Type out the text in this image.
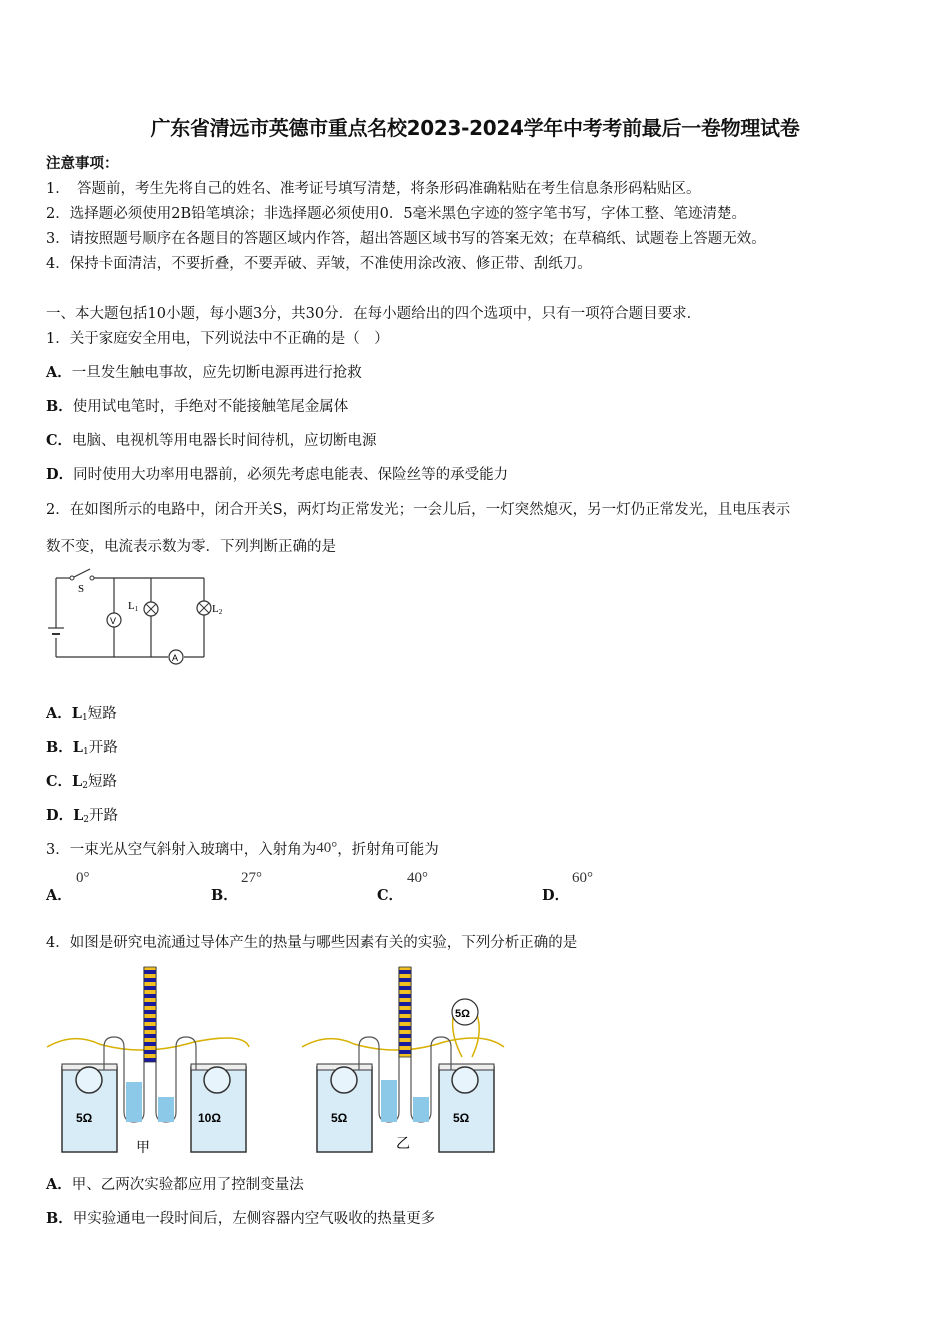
广东省清远市英德市重点名校2023-2024学年中考考前最后一卷物理试卷
注意事项：
1．　答题前，考生先将自己的姓名、准考证号填写清楚，将条形码准确粘贴在考生信息条形码粘贴区。
2．选择题必须使用2B铅笔填涂；非选择题必须使用0．5毫米黑色字迹的签字笔书写，字体工整、笔迹清楚。
3．请按照题号顺序在各题目的答题区域内作答，超出答题区域书写的答案无效；在草稿纸、试题卷上答题无效。
4．保持卡面清洁，不要折叠，不要弄破、弄皱，不准使用涂改液、修正带、刮纸刀。
一、本大题包括10小题，每小题3分，共30分．在每小题给出的四个选项中，只有一项符合题目要求．
1．关于家庭安全用电，下列说法中不正确的是（　）
A．一旦发生触电事故，应先切断电源再进行抢救
B．使用试电笔时，手绝对不能接触笔尾金属体
C．电脑、电视机等用电器长时间待机，应切断电源
D．同时使用大功率用电器前，必须先考虑电能表、保险丝等的承受能力
2．在如图所示的电路中，闭合开关S，两灯均正常发光；一会儿后，一灯突然熄灭，另一灯仍正常发光，且电压表示
数不变，电流表示数为零．下列判断正确的是
S
V
L1	L2
A
A．$L_1$短路
B．$L_1$开路
C．$L_2$短路
D．$L_2$开路
3．一束光从空气斜射入玻璃中，入射角为40°，折射角可能为
A．
0°
B．
27°
C．
40°
D．
60°
4．如图是研究电流通过导体产生的热量与哪些因素有关的实验，下列分析正确的是
5Ω	10Ω
甲
5Ω
5Ω	5Ω
乙
A．甲、乙两次实验都应用了控制变量法
B．甲实验通电一段时间后，左侧容器内空气吸收的热量更多
